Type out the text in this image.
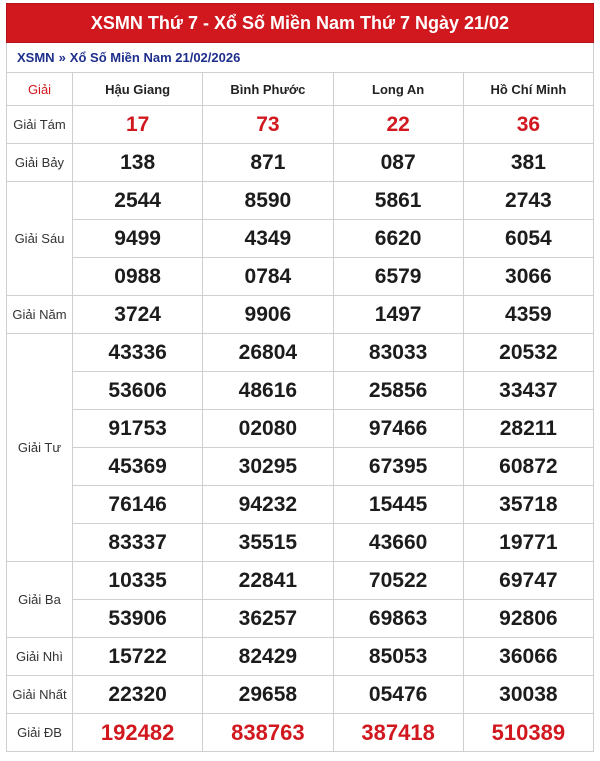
XSMN Thứ 7 - Xổ Số Miền Nam Thứ 7 Ngày 21/02
XSMN » Xổ Số Miền Nam 21/02/2026
Giải	Hậu Giang	Bình Phước	Long An	Hồ Chí Minh
Giải Tám	17	73	22	36
Giải Bảy	138	871	087	381
Giải Sáu	2544	8590	5861	2743
	9499	4349	6620	6054
	0988	0784	6579	3066
Giải Năm	3724	9906	1497	4359
Giải Tư	43336	26804	83033	20532
	53606	48616	25856	33437
	91753	02080	97466	28211
	45369	30295	67395	60872
	76146	94232	15445	35718
	83337	35515	43660	19771
Giải Ba	10335	22841	70522	69747
	53906	36257	69863	92806
Giải Nhì	15722	82429	85053	36066
Giải Nhất	22320	29658	05476	30038
Giải ĐB	192482	838763	387418	510389
